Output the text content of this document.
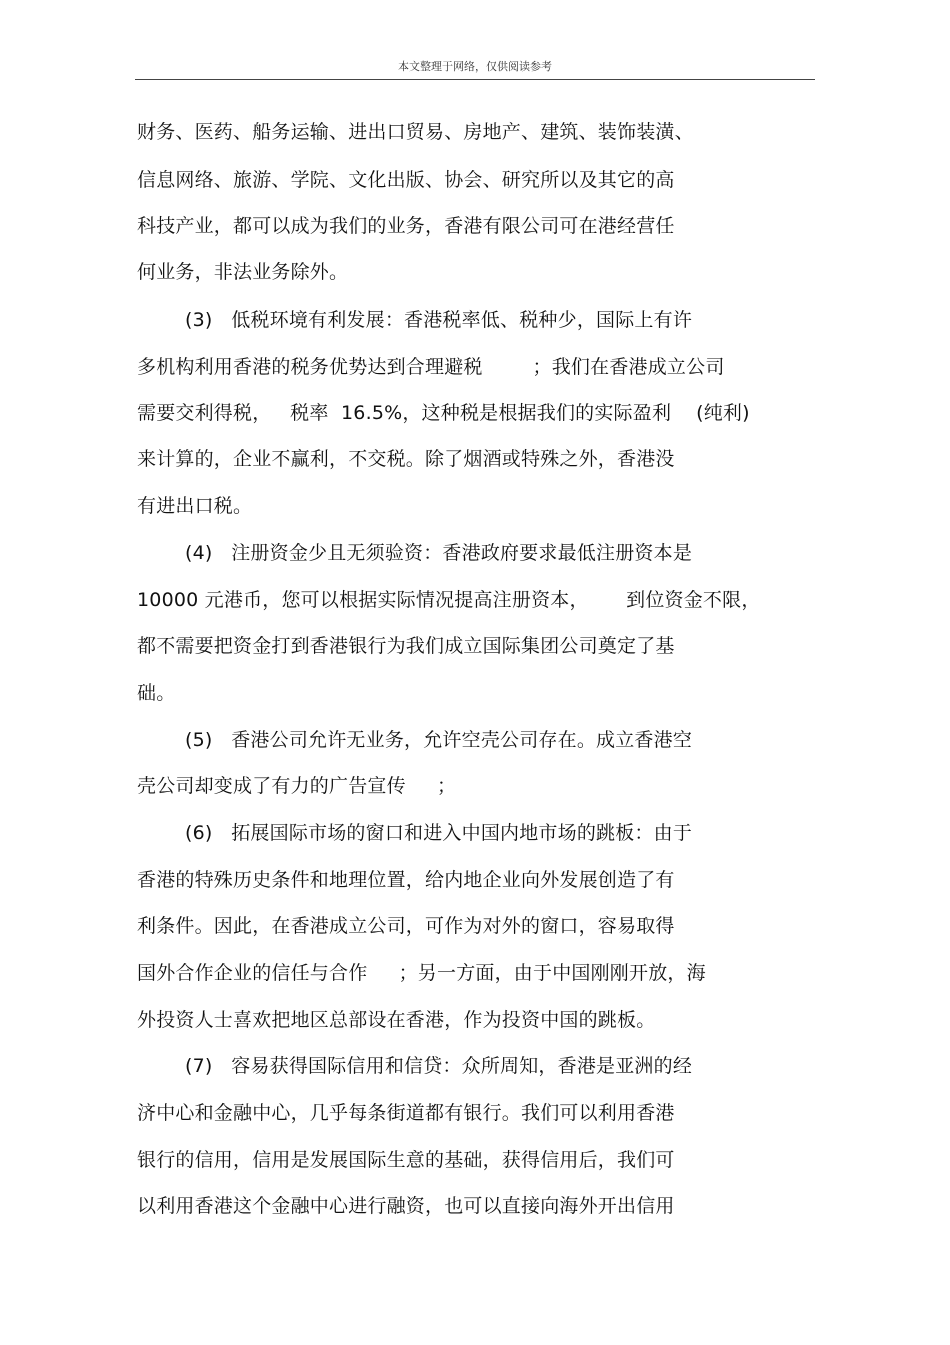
本文整理于网络，仅供阅读参考
财务、医药、船务运输、进出口贸易、房地产、建筑、装饰装潢、
信息网络、旅游、学院、文化出版、协会、研究所以及其它的高
科技产业，都可以成为我们的业务，香港有限公司可在港经营任
何业务，非法业务除外。
(3)   低税环境有利发展：香港税率低、税种少，国际上有许
多机构利用香港的税务优势达到合理避税        ；我们在香港成立公司
需要交利得税，   税率  16.5%，这种税是根据我们的实际盈利    (纯利)
来计算的，企业不赢利，不交税。除了烟酒或特殊之外，香港没
有进出口税。
(4)   注册资金少且无须验资：香港政府要求最低注册资本是
10000 元港币，您可以根据实际情况提高注册资本，      到位资金不限，
都不需要把资金打到香港银行为我们成立国际集团公司奠定了基
础。
(5)   香港公司允许无业务，允许空壳公司存在。成立香港空
壳公司却变成了有力的广告宣传     ；
(6)   拓展国际市场的窗口和进入中国内地市场的跳板：由于
香港的特殊历史条件和地理位置，给内地企业向外发展创造了有
利条件。因此，在香港成立公司，可作为对外的窗口，容易取得
国外合作企业的信任与合作     ；另一方面，由于中国刚刚开放，海
外投资人士喜欢把地区总部设在香港，作为投资中国的跳板。
(7)   容易获得国际信用和信贷：众所周知，香港是亚洲的经
济中心和金融中心，几乎每条街道都有银行。我们可以利用香港
银行的信用，信用是发展国际生意的基础，获得信用后，我们可
以利用香港这个金融中心进行融资，也可以直接向海外开出信用
